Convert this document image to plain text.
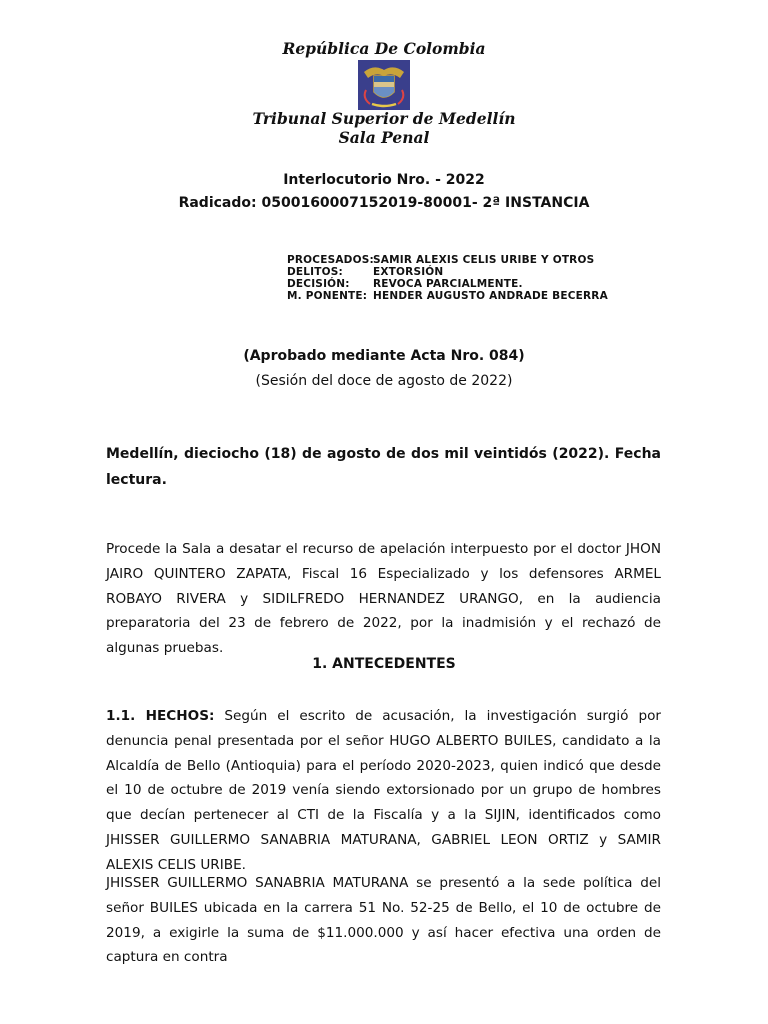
República De Colombia
Tribunal Superior de Medellín
Sala Penal
Interlocutorio Nro. - 2022
Radicado: 0500160007152019-80001- 2ª INSTANCIA
PROCESADOS:SAMIR ALEXIS CELIS URIBE Y OTROS
DELITOS:	EXTORSIÓN
DECISIÓN: REVOCA PARCIALMENTE.
M. PONENTE: HENDER AUGUSTO ANDRADE BECERRA
(Aprobado mediante Acta Nro. 084)
(Sesión del doce de agosto de 2022)
Medellín, dieciocho (18) de agosto de dos mil veintidós (2022). Fecha lectura.
Procede la Sala a desatar el recurso de apelación interpuesto por el doctor JHON JAIRO QUINTERO ZAPATA, Fiscal 16 Especializado y los defensores ARMEL ROBAYO RIVERA y SIDILFREDO HERNANDEZ URANGO, en la audiencia preparatoria del 23 de febrero de 2022, por la inadmisión y el rechazó de algunas pruebas.
1. ANTECEDENTES
1.1. HECHOS: Según el escrito de acusación, la investigación surgió por denuncia penal presentada por el señor HUGO ALBERTO BUILES, candidato a la Alcaldía de Bello (Antioquia) para el período 2020-2023, quien indicó que desde el 10 de octubre de 2019 venía siendo extorsionado por un grupo de hombres que decían pertenecer al CTI de la Fiscalía y a la SIJIN, identificados como JHISSER GUILLERMO SANABRIA MATURANA, GABRIEL LEON ORTIZ y SAMIR ALEXIS CELIS URIBE.
JHISSER GUILLERMO SANABRIA MATURANA se presentó a la sede política del señor BUILES ubicada en la carrera 51 No. 52-25 de Bello, el 10 de octubre de 2019, a exigirle la suma de $11.000.000 y así hacer efectiva una orden de captura en contra
